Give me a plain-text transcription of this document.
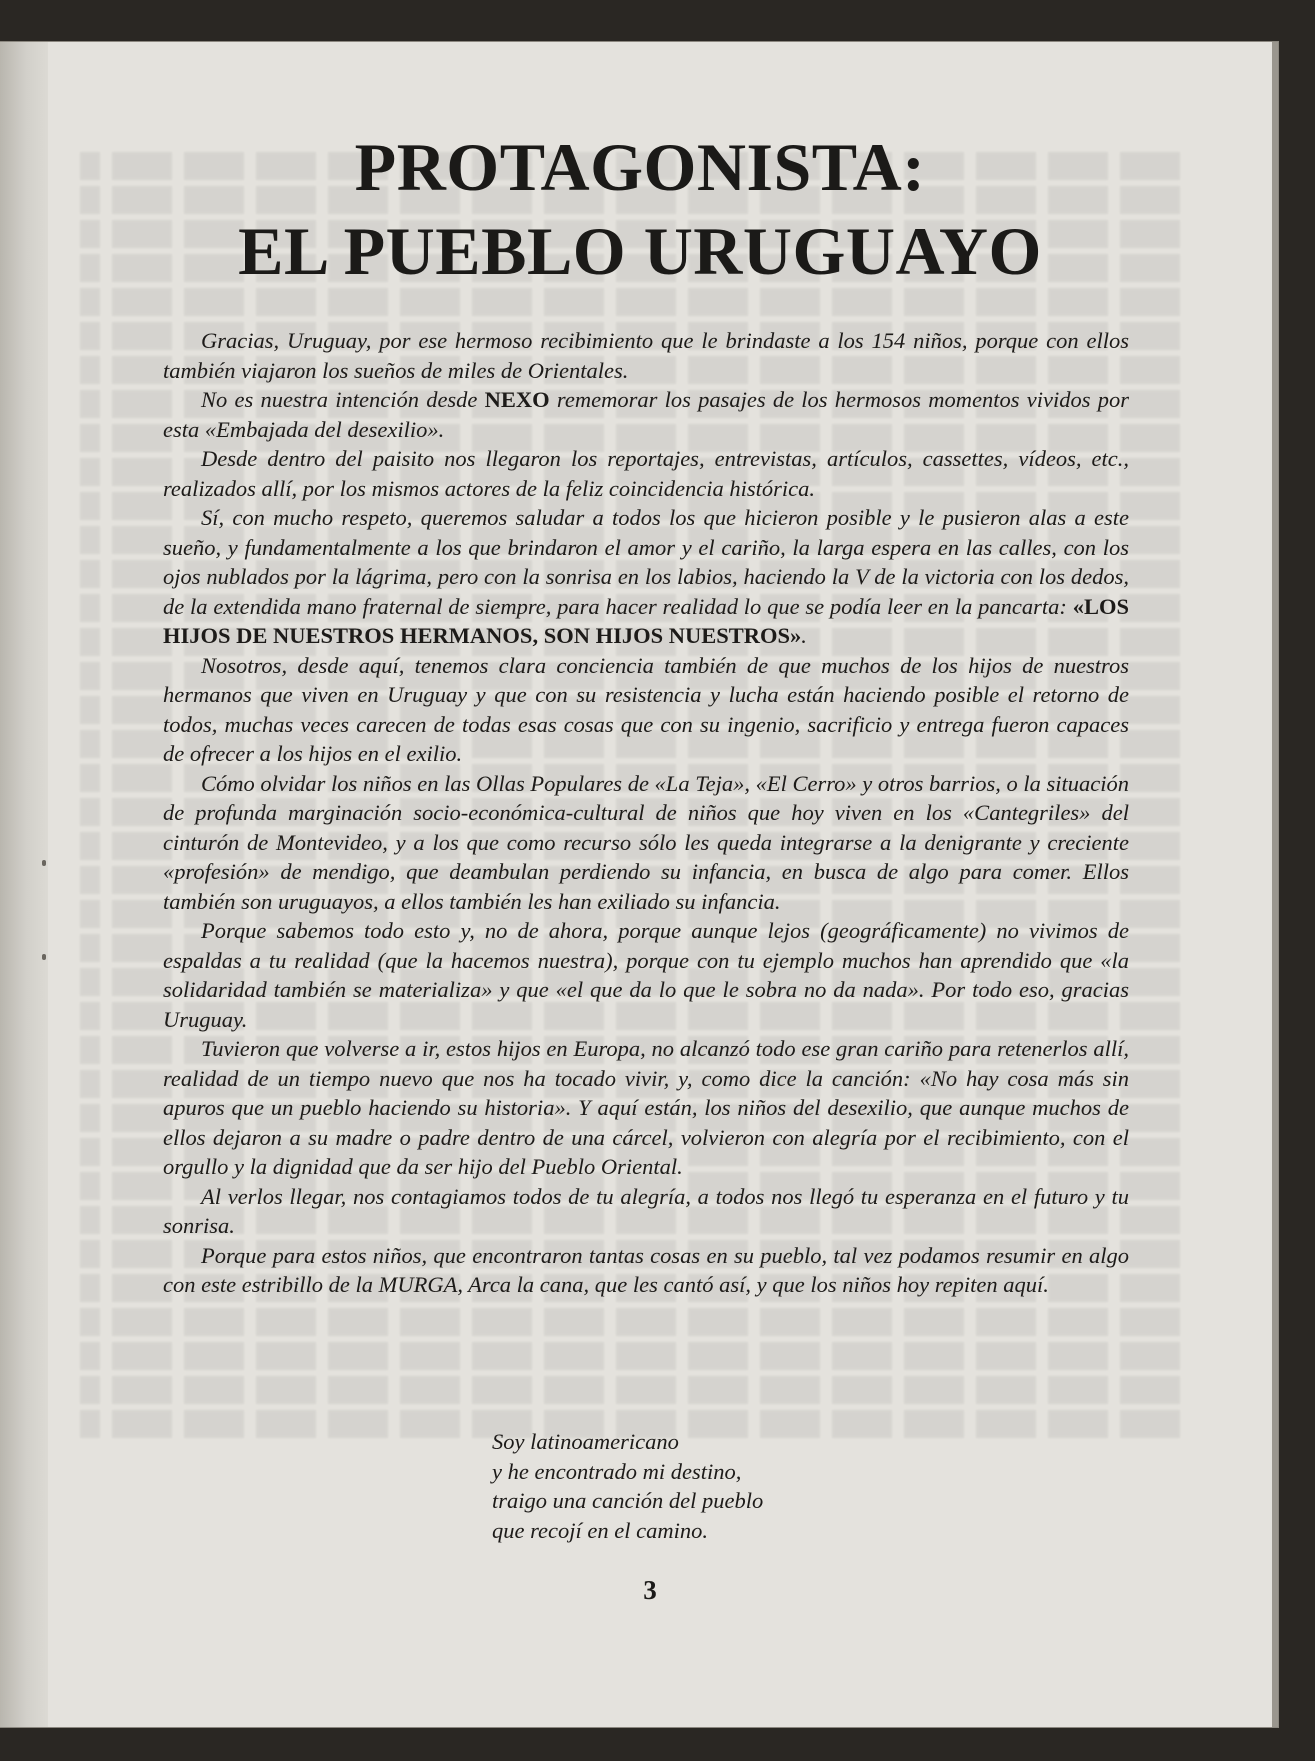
PROTAGONISTA:
EL PUEBLO URUGUAYO

Gracias, Uruguay, por ese hermoso recibimiento que le brindaste a los 154 niños, porque con ellos también viajaron los sueños de miles de Orientales.

No es nuestra intención desde NEXO rememorar los pasajes de los hermosos momentos vividos por esta «Embajada del desexilio».

Desde dentro del paisito nos llegaron los reportajes, entrevistas, artículos, cassettes, vídeos, etc., realizados allí, por los mismos actores de la feliz coincidencia histórica.

Sí, con mucho respeto, queremos saludar a todos los que hicieron posible y le pusieron alas a este sueño, y fundamentalmente a los que brindaron el amor y el cariño, la larga espera en las calles, con los ojos nublados por la lágrima, pero con la sonrisa en los labios, haciendo la V de la victoria con los dedos, de la extendida mano fraternal de siempre, para hacer realidad lo que se podía leer en la pancarta: «LOS HIJOS DE NUESTROS HERMANOS, SON HIJOS NUESTROS».

Nosotros, desde aquí, tenemos clara conciencia también de que muchos de los hijos de nuestros hermanos que viven en Uruguay y que con su resistencia y lucha están haciendo posible el retorno de todos, muchas veces carecen de todas esas cosas que con su ingenio, sacrificio y entrega fueron capaces de ofrecer a los hijos en el exilio.

Cómo olvidar los niños en las Ollas Populares de «La Teja», «El Cerro» y otros barrios, o la situación de profunda marginación socio-económica-cultural de niños que hoy viven en los «Cantegriles» del cinturón de Montevideo, y a los que como recurso sólo les queda integrarse a la denigrante y creciente «profesión» de mendigo, que deambulan perdiendo su infancia, en busca de algo para comer. Ellos también son uruguayos, a ellos también les han exiliado su infancia.

Porque sabemos todo esto y, no de ahora, porque aunque lejos (geográficamente) no vivimos de espaldas a tu realidad (que la hacemos nuestra), porque con tu ejemplo muchos han aprendido que «la solidaridad también se materializa» y que «el que da lo que le sobra no da nada». Por todo eso, gracias Uruguay.

Tuvieron que volverse a ir, estos hijos en Europa, no alcanzó todo ese gran cariño para retenerlos allí, realidad de un tiempo nuevo que nos ha tocado vivir, y, como dice la canción: «No hay cosa más sin apuros que un pueblo haciendo su historia». Y aquí están, los niños del desexilio, que aunque muchos de ellos dejaron a su madre o padre dentro de una cárcel, volvieron con alegría por el recibimiento, con el orgullo y la dignidad que da ser hijo del Pueblo Oriental.

Al verlos llegar, nos contagiamos todos de tu alegría, a todos nos llegó tu esperanza en el futuro y tu sonrisa.

Porque para estos niños, que encontraron tantas cosas en su pueblo, tal vez podamos resumir en algo con este estribillo de la MURGA, Arca la cana, que les cantó así, y que los niños hoy repiten aquí.

Soy latinoamericano
y he encontrado mi destino,
traigo una canción del pueblo
que recojí en el camino.
3
